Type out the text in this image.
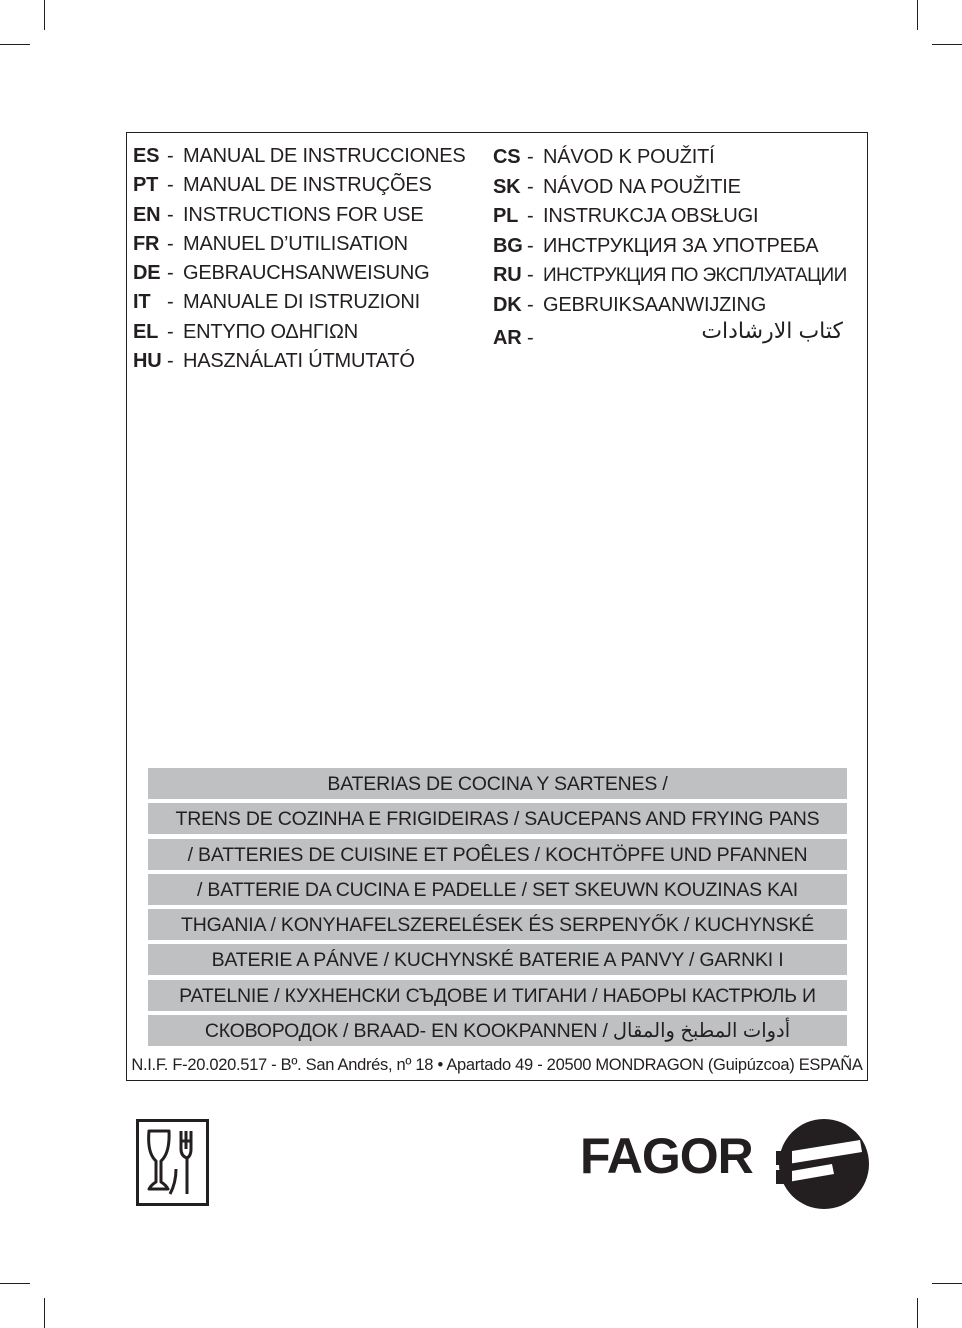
ES - MANUAL DE INSTRUCCIONES
PT - MANUAL DE INSTRUÇÕES
EN - INSTRUCTIONS FOR USE
FR - MANUEL D’UTILISATION
DE - GEBRAUCHSANWEISUNG
IT - MANUALE DI ISTRUZIONI
EL - ΕΝΤΥΠΟ ΟΔΗΓΙΩΝ
HU - HASZNÁLATI ÚTMUTATÓ
CS - NÁVOD K POUŽITÍ
SK - NÁVOD NA POUŽITIE
PL - INSTRUKCJA OBSŁUGI
BG - ИНСТРУКЦИЯ ЗА УПОТРЕБА
RU - ИНСТРУКЦИЯ ПО ЭКСПЛУАТАЦИИ
DK - GEBRUIKSAANWIJZING
AR -	كتاب الارشادات
BATERIAS DE COCINA Y SARTENES /
TRENS DE COZINHA E FRIGIDEIRAS / SAUCEPANS AND FRYING PANS
/ BATTERIES DE CUISINE ET POÊLES / KOCHTÖPFE UND PFANNEN
/ BATTERIE DA CUCINA E PADELLE / SET SKEUWN KOUZINAS KAI
THGANIA / KONYHAFELSZERELÉSEK ÉS SERPENYŐK / KUCHYNSKÉ
BATERIE A PÁNVE / KUCHYNSKÉ BATERIE A PANVY / GARNKI I
PATELNIE / КУХНЕНСКИ СЪДОВЕ И ТИГАНИ / НАБОРЫ КАСТРЮЛЬ И
СКОВОРОДОК / BRAAD- EN KOOKPANNEN / أدوات المطبخ والمقال
N.I.F. F-20.020.517 - Bº. San Andrés, nº 18 • Apartado 49 - 20500 MONDRAGON (Guipúzcoa) ESPAÑA
FAGOR
